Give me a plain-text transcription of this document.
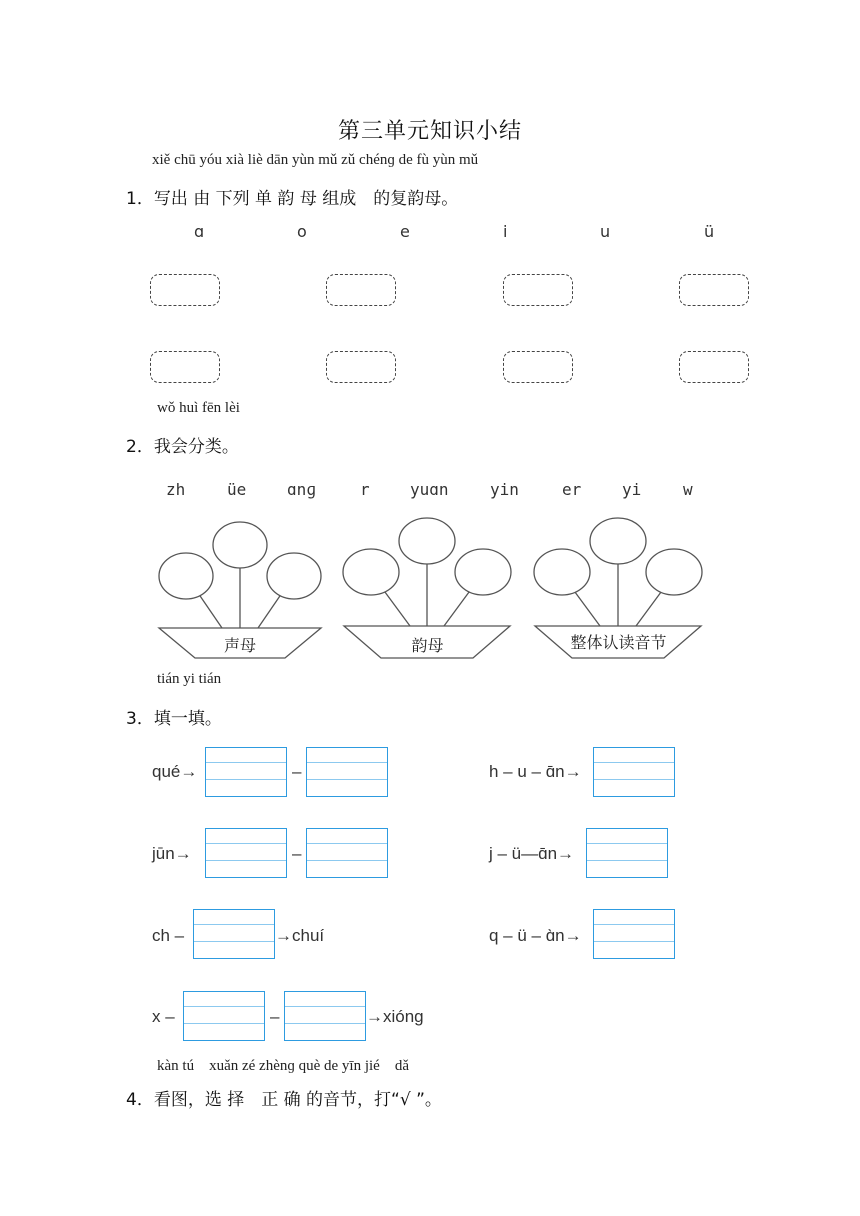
第三单元知识小结
xiě chū yóu xià liè dān yùn mǔ zǔ chénɡ de fù yùn mǔ
1．写出 由 下列 单 韵 母 组成　的复韵母。
ɑ	o	e	i	u	ü
wǒ huì fēn lèi
2．我会分类。
zh	üe	ɑnɡ	r	yuɑn	yin	er	yi	w
声母	韵母	整体认读音节
tián yi tián
3．填一填。
qué→	–	h – u – ɑ̄n→
jūn→	–	j – ü—ɑ̄n→
ch –	→chuí	q – ü – ɑ̀n→
x –	–	→xiónɡ
kàn tú　xuǎn zé zhènɡ què de yīn jié　dǎ
4．看图，选 择　正 确 的音节，打“√ ”。
